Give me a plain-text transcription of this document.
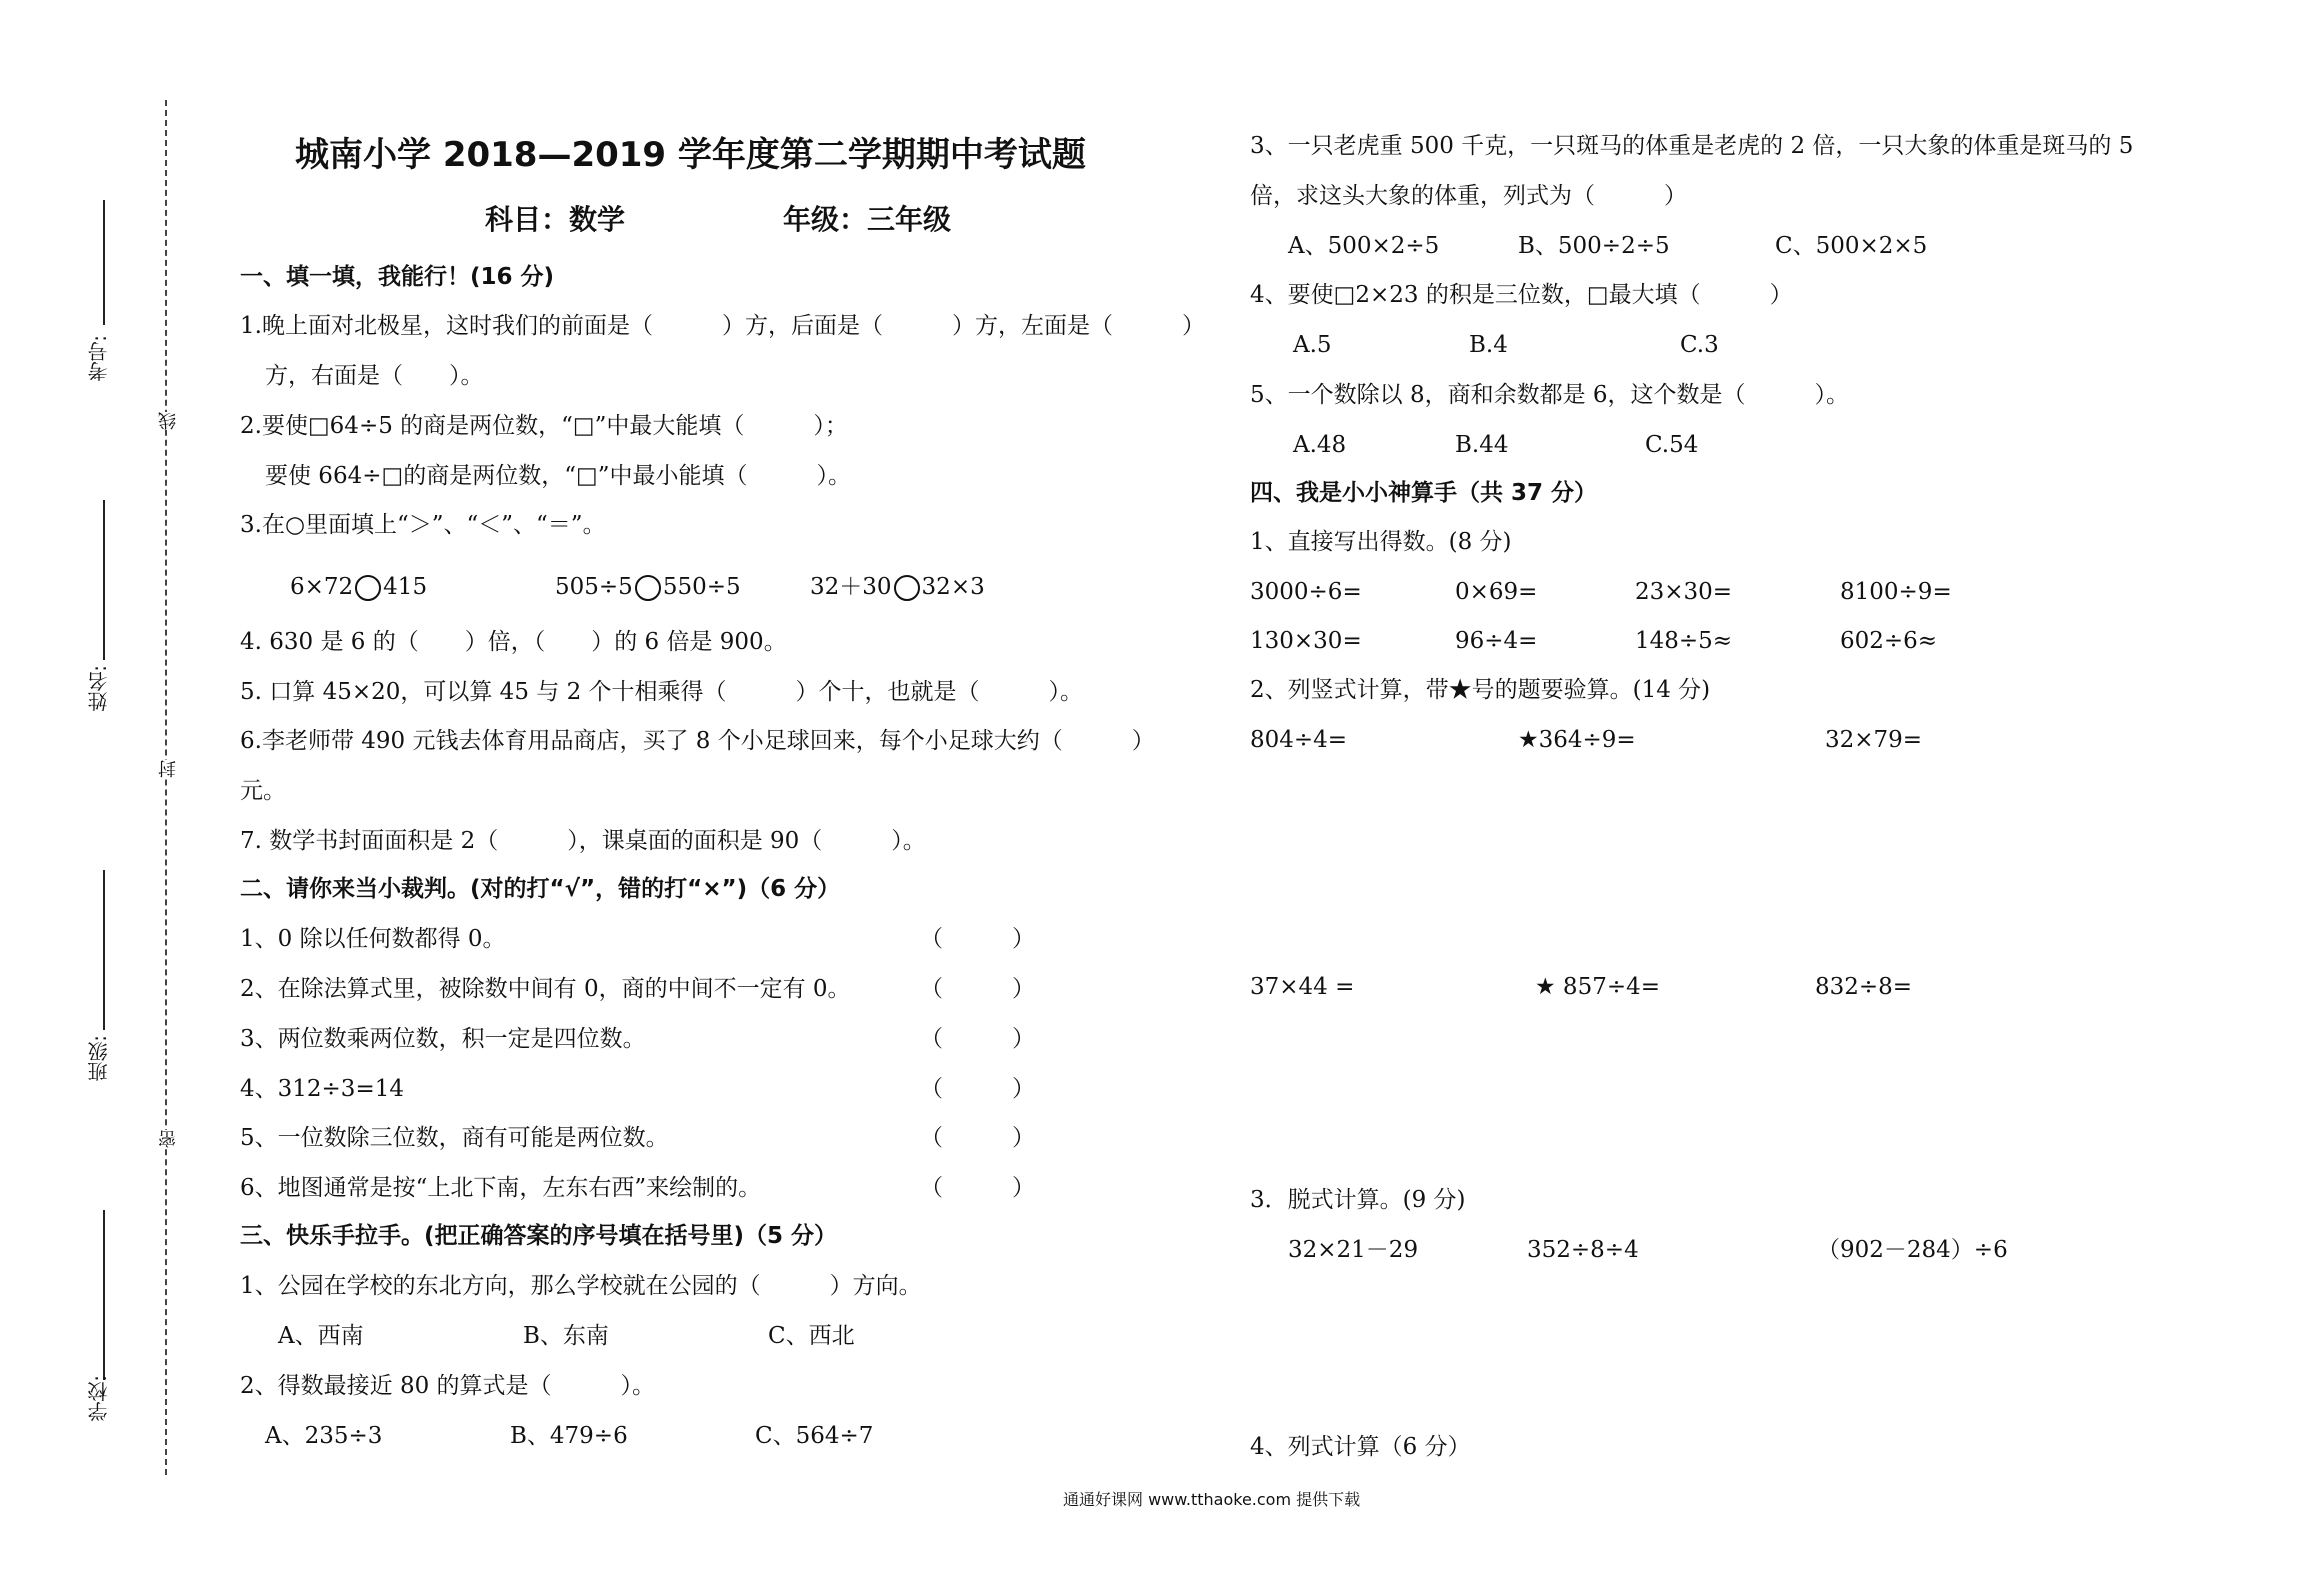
考号:
姓名:
班级:
学校:
线
封
密
城南小学 2018—2019 学年度第二学期期中考试题
科目：数学	年级：三年级
一、填一填，我能行！(16 分)
1.晚上面对北极星，这时我们的前面是（　　　）方，后面是（　　　）方，左面是（　　　）
方，右面是（　　）。
2.要使□64÷5 的商是两位数，“□”中最大能填（　　　）；
要使 664÷□的商是两位数，“□”中最小能填（　　　）。
3.在○里面填上“＞”、“＜”、“＝”。
6×72 415	505÷5 550÷5	32＋30 32×3
4. 630 是 6 的（　　）倍，（　　）的 6 倍是 900。
5. 口算 45×20，可以算 45 与 2 个十相乘得（　　　）个十，也就是（　　　）。
6.李老师带 490 元钱去体育用品商店，买了 8 个小足球回来，每个小足球大约（　　　）
元。
7. 数学书封面面积是 2（　　　），课桌面的面积是 90（　　　）。
二、请你来当小裁判。(对的打“√”，错的打“×”)（6 分）
1、0 除以任何数都得 0。	（　　　）
2、在除法算式里，被除数中间有 0，商的中间不一定有 0。	（　　　）
3、两位数乘两位数，积一定是四位数。	（　　　）
4、312÷3=14	（　　　）
5、一位数除三位数，商有可能是两位数。	（　　　）
6、地图通常是按“上北下南，左东右西”来绘制的。	（　　　）
三、快乐手拉手。(把正确答案的序号填在括号里)（5 分）
1、公园在学校的东北方向，那么学校就在公园的（　　　）方向。
A、西南	B、东南	C、西北
2、得数最接近 80 的算式是（　　　）。
A、235÷3	B、479÷6	C、564÷7
3、一只老虎重 500 千克，一只斑马的体重是老虎的 2 倍，一只大象的体重是斑马的 5
倍，求这头大象的体重，列式为（　　　）
A、500×2÷5	B、500÷2÷5	C、500×2×5
4、要使□2×23 的积是三位数，□最大填（　　　）
A.5	B.4	C.3
5、一个数除以 8，商和余数都是 6，这个数是（　　　）。
A.48	B.44	C.54
四、我是小小神算手（共 37 分）
1、直接写出得数。(8 分)
3000÷6=	0×69=	23×30=	8100÷9=
130×30=	96÷4=	148÷5≈	602÷6≈
2、列竖式计算，带★号的题要验算。(14 分)
804÷4=	★364÷9=	32×79=
37×44 =	★ 857÷4=	832÷8=
3．脱式计算。(9 分)
32×21－29	352÷8÷4	（902－284）÷6
4、列式计算（6 分）
通通好课网 www.tthaoke.com 提供下载
